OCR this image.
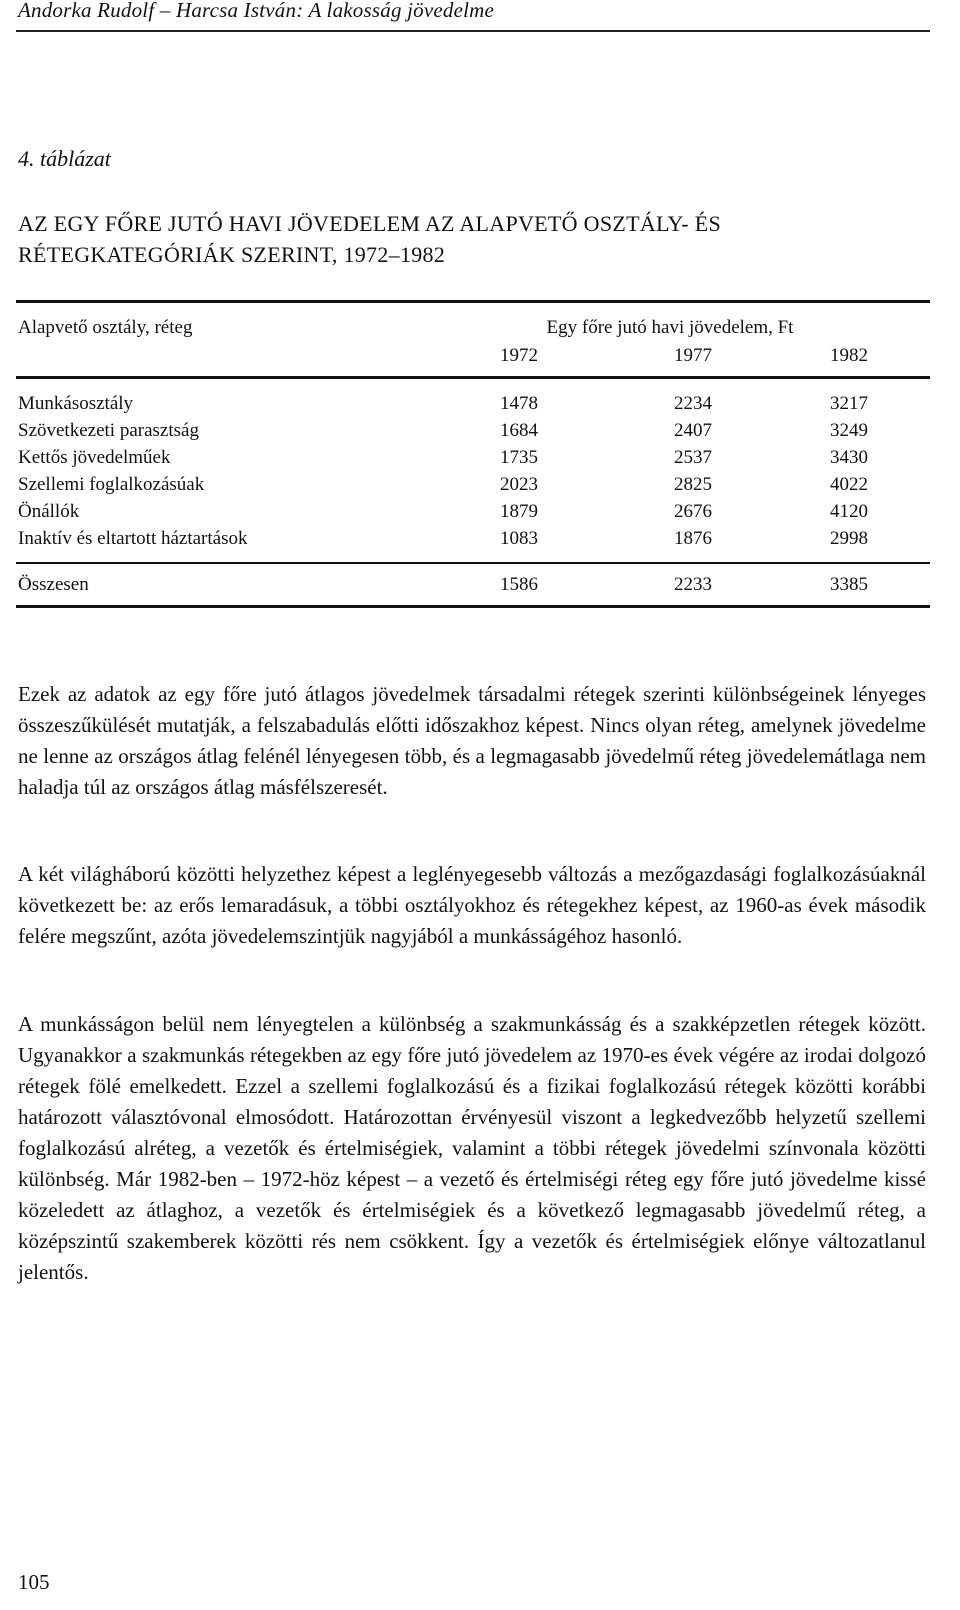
Andorka Rudolf – Harcsa István: A lakosság jövedelme
4. táblázat
AZ EGY FŐRE JUTÓ HAVI JÖVEDELEM AZ ALAPVETŐ OSZTÁLY- ÉS RÉTEGKATEGÓRIÁK SZERINT, 1972–1982
Alapvető osztály, réteg	Egy főre jutó havi jövedelem, Ft
1972	1977	1982
Munkásosztály	1478	2234	3217
Szövetkezeti parasztság	1684	2407	3249
Kettős jövedelműek	1735	2537	3430
Szellemi foglalkozásúak	2023	2825	4022
Önállók	1879	2676	4120
Inaktív és eltartott háztartások	1083	1876	2998
Összesen	1586	2233	3385

Ezek az adatok az egy főre jutó átlagos jövedelmek társadalmi rétegek szerinti különbségeinek lényeges összeszűkülését mutatják, a felszabadulás előtti időszakhoz képest. Nincs olyan réteg, amelynek jövedelme ne lenne az országos átlag felénél lényegesen több, és a legmagasabb jövedelmű réteg jövedelemátlaga nem haladja túl az országos átlag másfélszeresét.

A két világháború közötti helyzethez képest a leglényegesebb változás a mezőgazdasági foglalkozásúaknál következett be: az erős lemaradásuk, a többi osztályokhoz és rétegekhez képest, az 1960-as évek második felére megszűnt, azóta jövedelemszintjük nagyjából a munkásságéhoz hasonló.

A munkásságon belül nem lényegtelen a különbség a szakmunkásság és a szakképzetlen rétegek között. Ugyanakkor a szakmunkás rétegekben az egy főre jutó jövedelem az 1970-es évek végére az irodai dolgozó rétegek fölé emelkedett. Ezzel a szellemi foglalkozású és a fizikai foglalkozású rétegek közötti korábbi határozott választóvonal elmosódott. Határozottan érvényesül viszont a legkedvezőbb helyzetű szellemi foglalkozású alréteg, a vezetők és értelmiségiek, valamint a többi rétegek jövedelmi színvonala közötti különbség. Már 1982-ben – 1972-höz képest – a vezető és értelmiségi réteg egy főre jutó jövedelme kissé közeledett az átlaghoz, a vezetők és értelmiségiek és a következő legmagasabb jövedelmű réteg, a középszintű szakemberek közötti rés nem csökkent. Így a vezetők és értelmiségiek előnye változatlanul jelentős.

105
